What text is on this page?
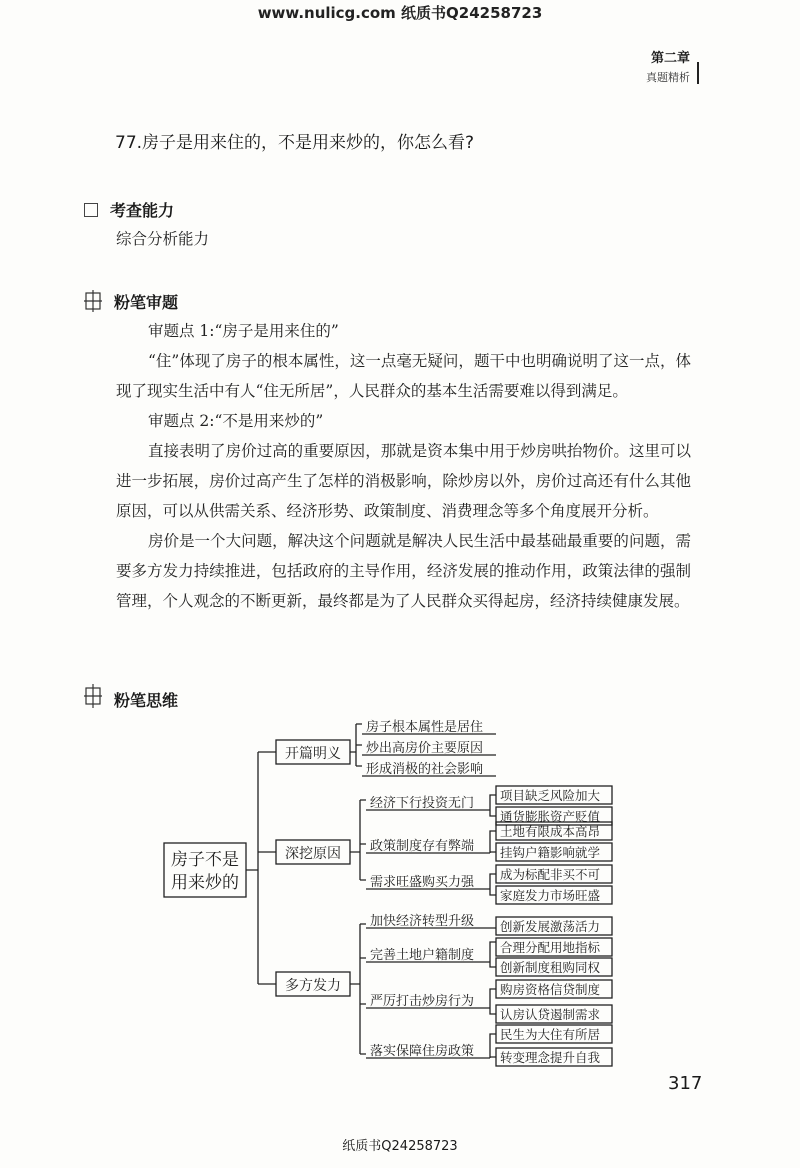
www.nulicg.com 纸质书Q24258723
第二章
真题精析
77.房子是用来住的，不是用来炒的，你怎么看?
考查能力
综合分析能力
粉笔审题

审题点 1:“房子是用来住的”

“住”体现了房子的根本属性，这一点毫无疑问，题干中也明确说明了这一点，体现了现实生活中有人“住无所居”，人民群众的基本生活需要难以得到满足。

审题点 2:“不是用来炒的”

直接表明了房价过高的重要原因，那就是资本集中用于炒房哄抬物价。这里可以进一步拓展，房价过高产生了怎样的消极影响，除炒房以外，房价过高还有什么其他原因，可以从供需关系、经济形势、政策制度、消费理念等多个角度展开分析。

房价是一个大问题，解决这个问题就是解决人民生活中最基础最重要的问题，需要多方发力持续推进，包括政府的主导作用，经济发展的推动作用，政策法律的强制管理，个人观念的不断更新，最终都是为了人民群众买得起房，经济持续健康发展。

粉笔思维
房子不是
用来炒的
开篇明义
深挖原因
多方发力
房子根本属性是居住
炒出高房价主要原因
形成消极的社会影响
经济下行投资无门
政策制度存有弊端
需求旺盛购买力强
项目缺乏风险加大
通货膨胀资产贬值
土地有限成本高昂
挂钩户籍影响就学
成为标配非买不可
家庭发力市场旺盛
加快经济转型升级
完善土地户籍制度
严厉打击炒房行为
落实保障住房政策
创新发展激荡活力
合理分配用地指标
创新制度租购同权
购房资格信贷制度
认房认贷遏制需求
民生为大住有所居
转变理念提升自我
317
纸质书Q24258723
